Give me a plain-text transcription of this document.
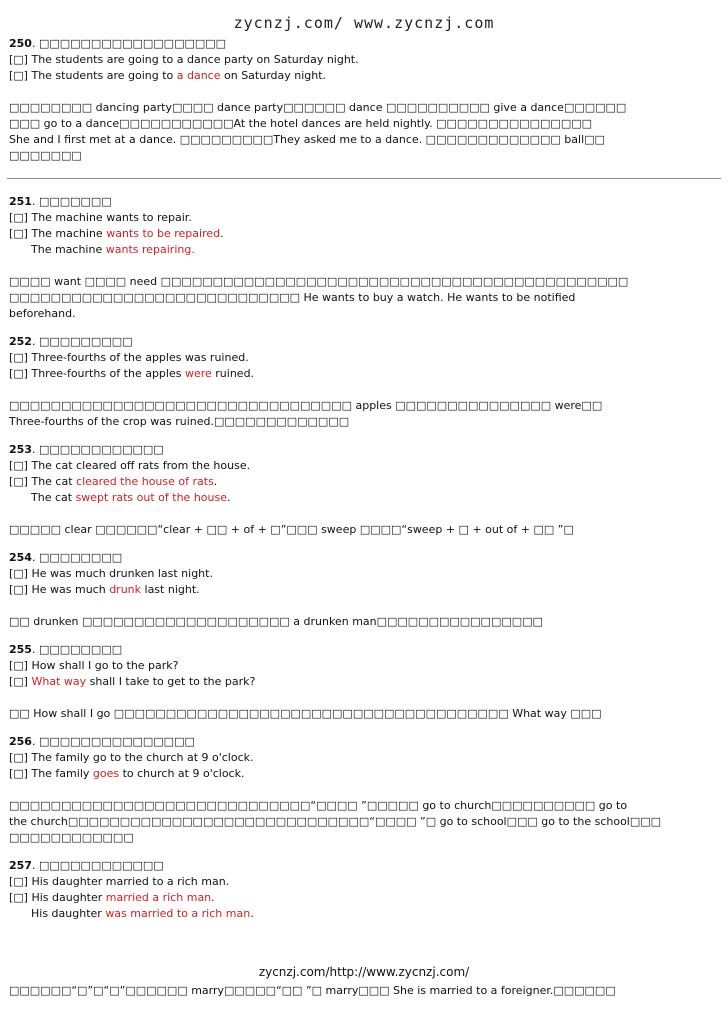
zycnzj.com/ www.zycnzj.com
250. □□□□□□□□□□□□□□□□□□
[□] The students are going to a dance party on Saturday night.
[□] The students are going to a dance on Saturday night.
□□□□□□□□ dancing party□□□□ dance party□□□□□□ dance □□□□□□□□□□ give a dance□□□□□□
□□□ go to a dance□□□□□□□□□□□At the hotel dances are held nightly. □□□□□□□□□□□□□□□
She and I first met at a dance. □□□□□□□□□They asked me to a dance. □□□□□□□□□□□□□ ball□□
□□□□□□□
251. □□□□□□□
[□] The machine wants to repair.
[□] The machine wants to be repaired.
The machine wants repairing.
□□□□ want □□□□ need □□□□□□□□□□□□□□□□□□□□□□□□□□□□□□□□□□□□□□□□□□□□□
□□□□□□□□□□□□□□□□□□□□□□□□□□□□ He wants to buy a watch. He wants to be notified
beforehand.
252. □□□□□□□□□
[□] Three-fourths of the apples was ruined.
[□] Three-fourths of the apples were ruined.
□□□□□□□□□□□□□□□□□□□□□□□□□□□□□□□□□ apples □□□□□□□□□□□□□□□ were□□
Three-fourths of the crop was ruined.□□□□□□□□□□□□□
253. □□□□□□□□□□□□
[□] The cat cleared off rats from the house.
[□] The cat cleared the house of rats.
The cat swept rats out of the house.
□□□□□ clear □□□□□□“clear + □□ + of + □”□□□ sweep □□□□“sweep + □ + out of + □□ ”□
254. □□□□□□□□
[□] He was much drunken last night.
[□] He was much drunk last night.
□□ drunken □□□□□□□□□□□□□□□□□□□□ a drunken man□□□□□□□□□□□□□□□□
255. □□□□□□□□
[□] How shall I go to the park?
[□] What way shall I take to get to the park?
□□ How shall I go □□□□□□□□□□□□□□□□□□□□□□□□□□□□□□□□□□□□□□ What way □□□
256. □□□□□□□□□□□□□□□
[□] The family go to the church at 9 o'clock.
[□] The family goes to church at 9 o'clock.
□□□□□□□□□□□□□□□□□□□□□□□□□□□□□“□□□□ ”□□□□□ go to church□□□□□□□□□□ go to
the church□□□□□□□□□□□□□□□□□□□□□□□□□□□□□“□□□□ ”□ go to school□□□ go to the school□□□
□□□□□□□□□□□□
257. □□□□□□□□□□□□
[□] His daughter married to a rich man.
[□] His daughter married a rich man.
His daughter was married to a rich man.
zycnzj.com/http://www.zycnzj.com/
□□□□□□“□”□“□”□□□□□□ marry□□□□□“□□ ”□ marry□□□ She is married to a foreigner.□□□□□□
